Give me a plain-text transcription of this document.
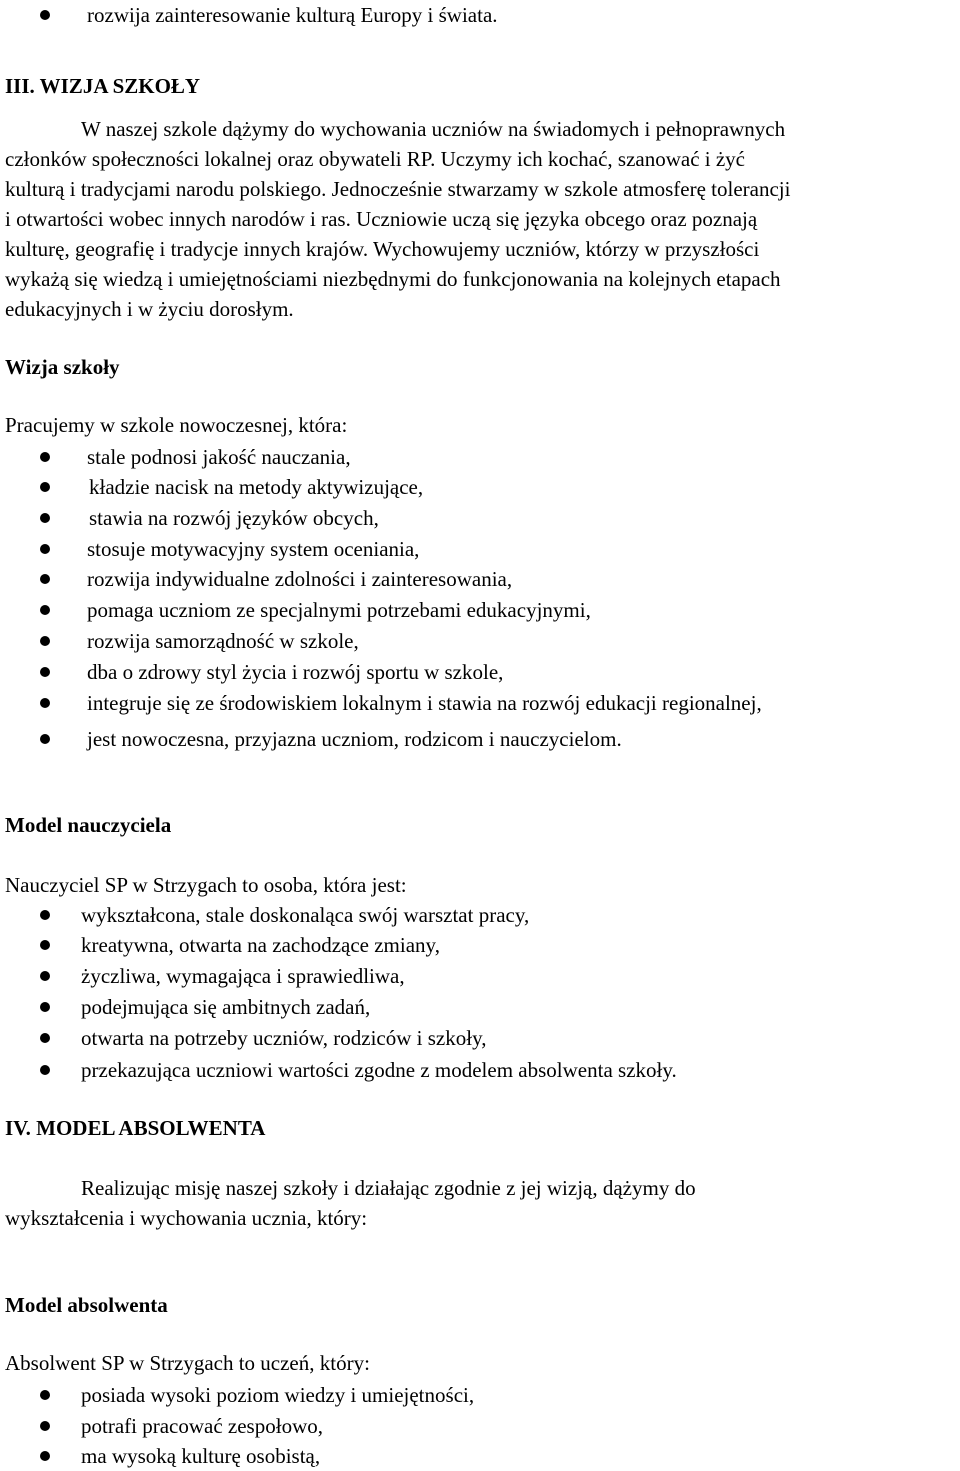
rozwija zainteresowanie kulturą Europy i świata.
III. WIZJA SZKOŁY
W naszej szkole dążymy do wychowania uczniów na świadomych i pełnoprawnych
członków społeczności lokalnej oraz obywateli RP. Uczymy ich kochać, szanować i żyć
kulturą i tradycjami narodu polskiego. Jednocześnie stwarzamy w szkole atmosferę tolerancji
i otwartości wobec innych narodów i ras. Uczniowie uczą się języka obcego oraz poznają
kulturę, geografię i tradycje innych krajów. Wychowujemy uczniów, którzy w przyszłości
wykażą się wiedzą i umiejętnościami niezbędnymi do funkcjonowania na kolejnych etapach
edukacyjnych i w życiu dorosłym.
Wizja szkoły
Pracujemy w szkole nowoczesnej, która:
stale podnosi jakość nauczania,
kładzie nacisk na metody aktywizujące,
stawia na rozwój języków obcych,
stosuje motywacyjny system oceniania,
rozwija indywidualne zdolności i zainteresowania,
pomaga uczniom ze specjalnymi potrzebami edukacyjnymi,
rozwija samorządność w szkole,
dba o zdrowy styl życia i rozwój sportu w szkole,
integruje się ze środowiskiem lokalnym i stawia na rozwój edukacji regionalnej,
jest nowoczesna, przyjazna uczniom, rodzicom i nauczycielom.
Model nauczyciela
Nauczyciel SP w Strzygach to osoba, która jest:
wykształcona, stale doskonaląca swój warsztat pracy,
kreatywna, otwarta na zachodzące zmiany,
życzliwa, wymagająca i sprawiedliwa,
podejmująca się ambitnych zadań,
otwarta na potrzeby uczniów, rodziców i szkoły,
przekazująca uczniowi wartości zgodne z modelem absolwenta szkoły.
IV. MODEL ABSOLWENTA
Realizując misję naszej szkoły i działając zgodnie z jej wizją, dążymy do
wykształcenia i wychowania ucznia, który:
Model absolwenta
Absolwent SP w Strzygach to uczeń, który:
posiada wysoki poziom wiedzy i umiejętności,
potrafi pracować zespołowo,
ma wysoką kulturę osobistą,
